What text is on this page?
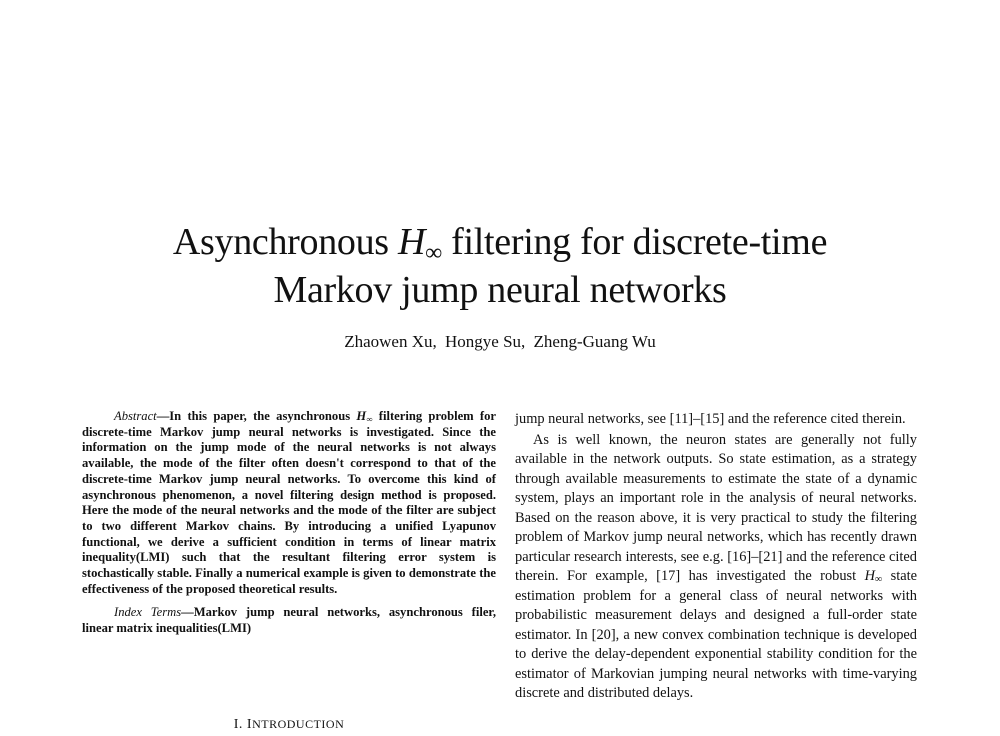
Asynchronous $H_\infty$ filtering for discrete-time
Markov jump neural networks
Zhaowen Xu, Hongye Su, Zheng-Guang Wu

Abstract—In this paper, the asynchronous $H_\infty$ filtering problem for discrete-time Markov jump neural networks is investigated. Since the information on the jump mode of the neural networks is not always available, the mode of the filter often doesn't correspond to that of the discrete-time Markov jump neural networks. To overcome this kind of asynchronous phenomenon, a novel filtering design method is proposed. Here the mode of the neural networks and the mode of the filter are subject to two different Markov chains. By introducing a unified Lyapunov functional, we derive a sufficient condition in terms of linear matrix inequality(LMI) such that the resultant filtering error system is stochastically stable. Finally a numerical example is given to demonstrate the effectiveness of the proposed theoretical results.

Index Terms—Markov jump neural networks, asynchronous filer, linear matrix inequalities(LMI)

I. INTRODUCTION

jump neural networks, see [11]–[15] and the reference cited therein.

As is well known, the neuron states are generally not fully available in the network outputs. So state estimation, as a strategy through available measurements to estimate the state of a dynamic system, plays an important role in the analysis of neural networks. Based on the reason above, it is very practical to study the filtering problem of Markov jump neural networks, which has recently drawn particular research interests, see e.g. [16]–[21] and the reference cited therein. For example, [17] has investigated the robust $H_\infty$ state estimation problem for a general class of neural networks with probabilistic measurement delays and designed a full-order state estimator. In [20], a new convex combination technique is developed to derive the delay-dependent exponential stability condition for the estimator of Markovian jumping neural networks with time-varying discrete and distributed delays.
